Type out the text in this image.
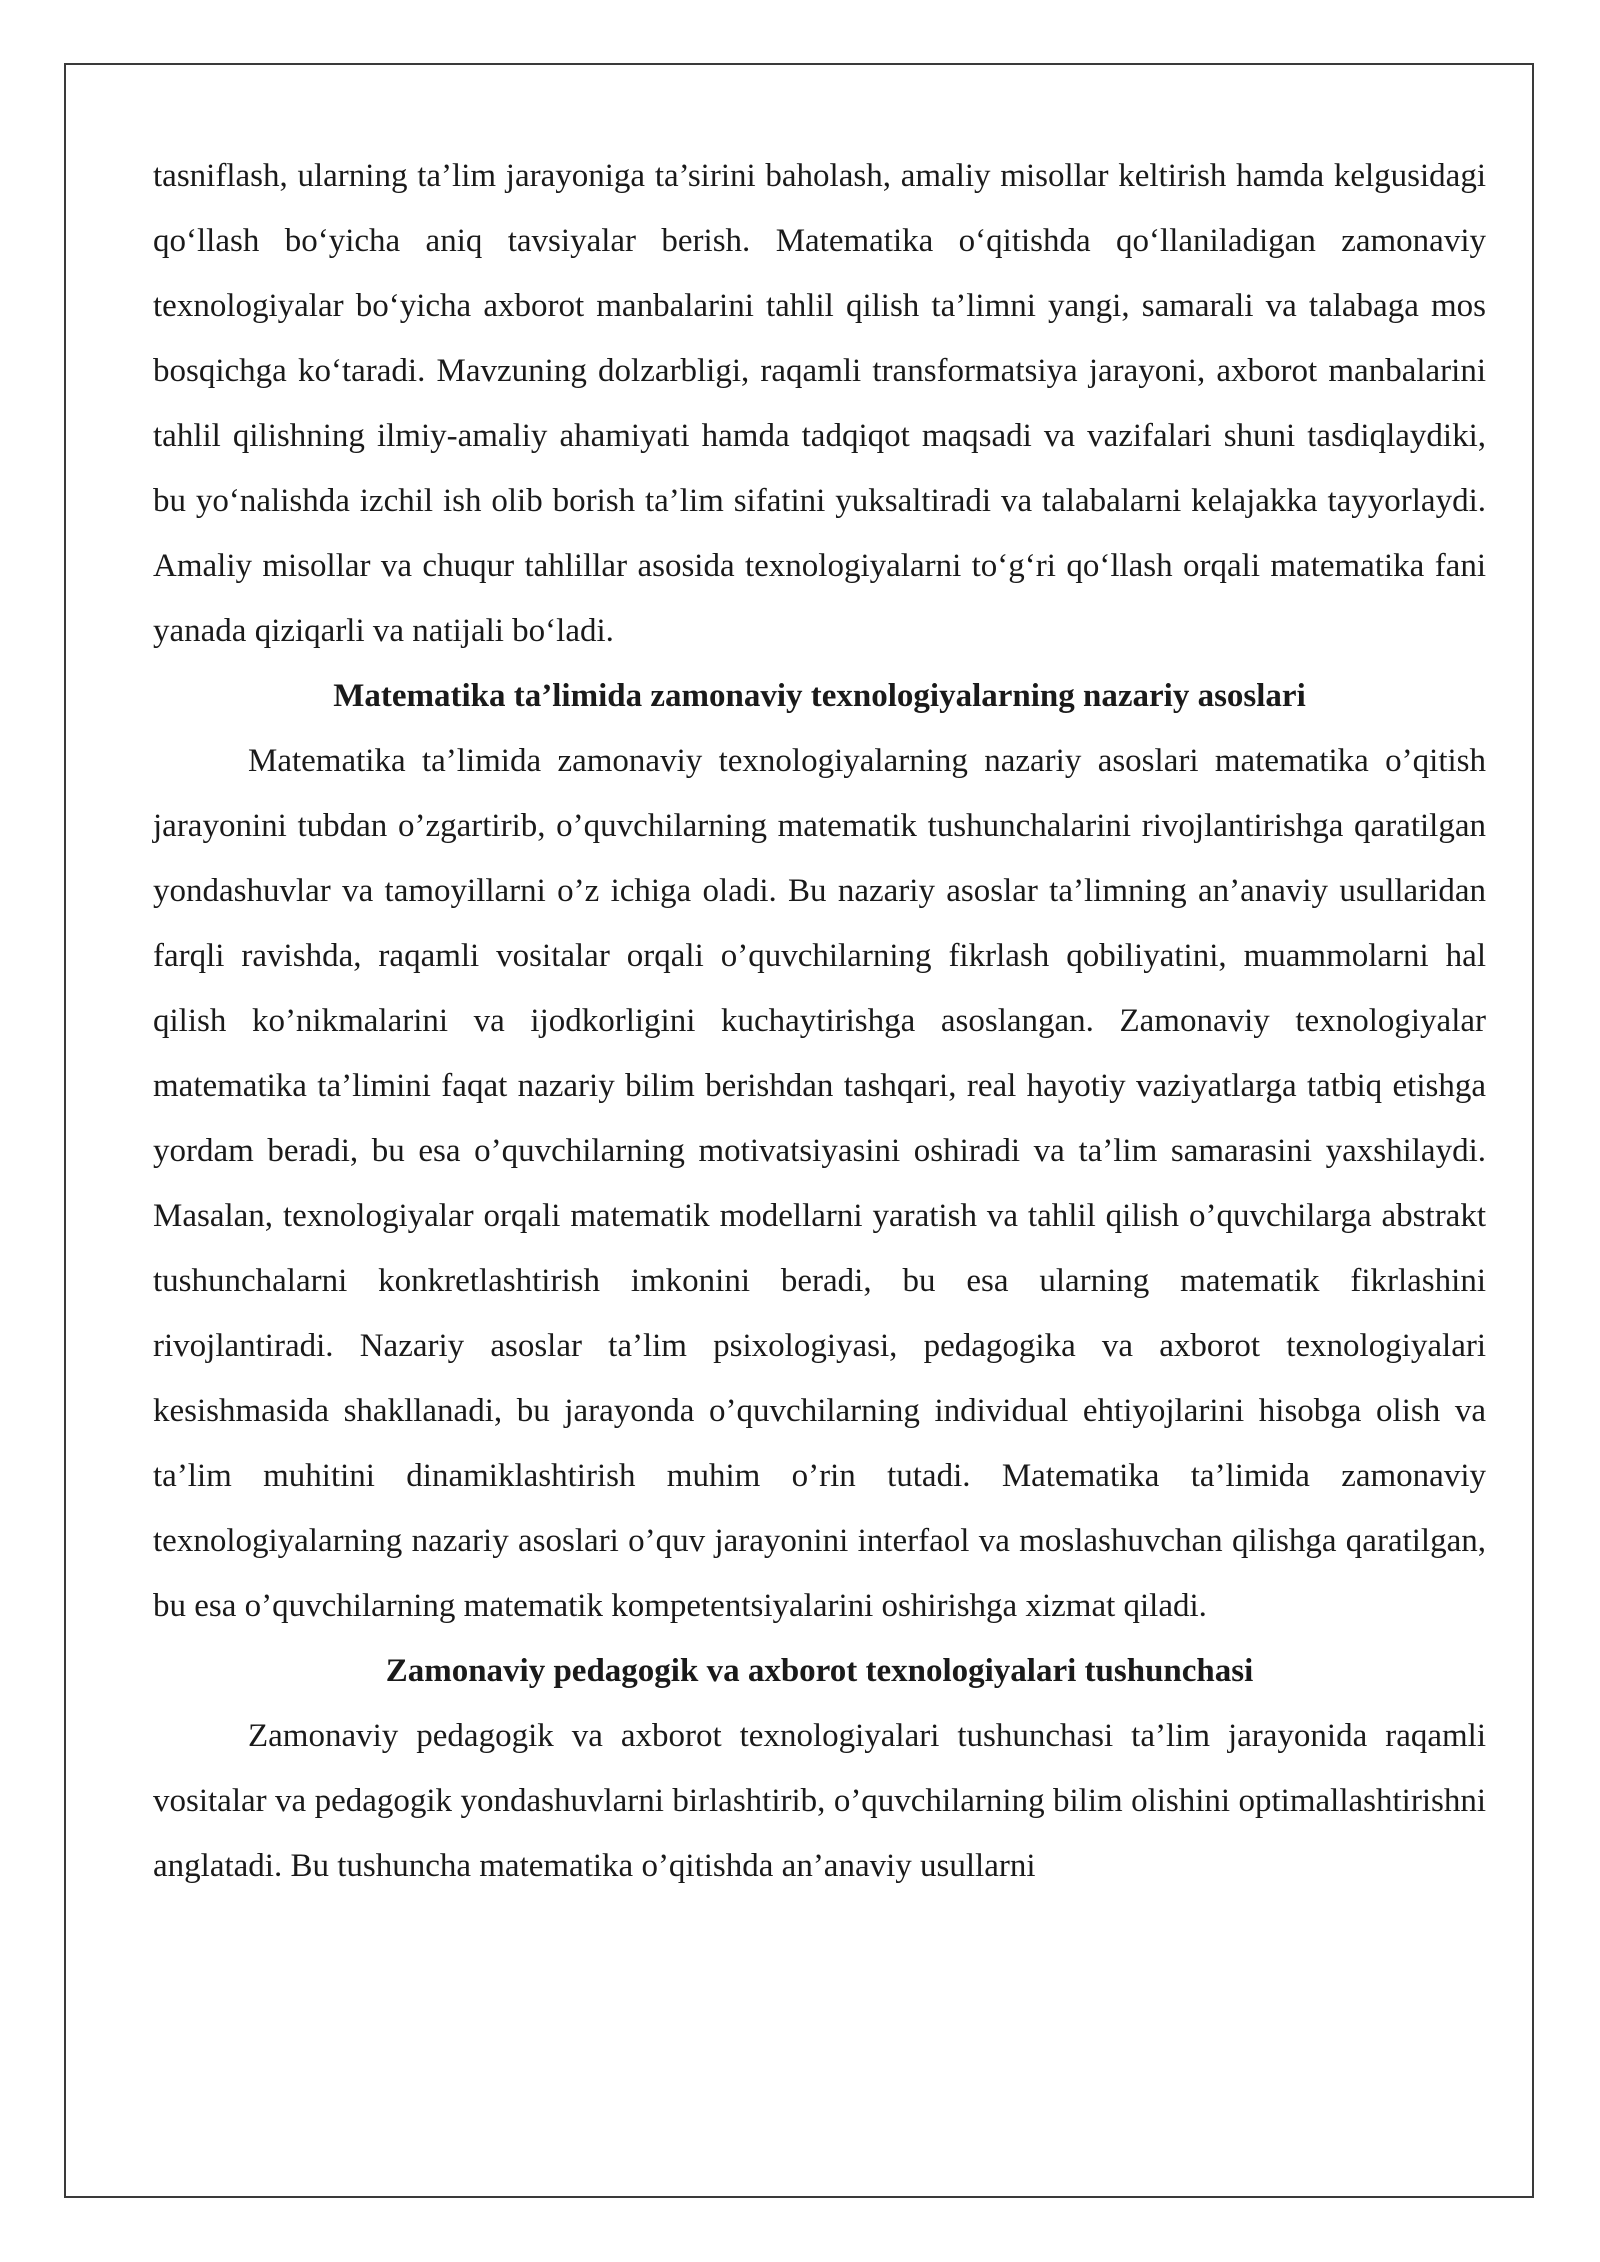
tasniflash, ularning ta’lim jarayoniga ta’sirini baholash, amaliy misollar keltirish hamda kelgusidagi qo‘llash bo‘yicha aniq tavsiyalar berish. Matematika o‘qitishda qo‘llaniladigan zamonaviy texnologiyalar bo‘yicha axborot manbalarini tahlil qilish ta’limni yangi, samarali va talabaga mos bosqichga ko‘taradi. Mavzuning dolzarbligi, raqamli transformatsiya jarayoni, axborot manbalarini tahlil qilishning ilmiy-amaliy ahamiyati hamda tadqiqot maqsadi va vazifalari shuni tasdiqlaydiki, bu yo‘nalishda izchil ish olib borish ta’lim sifatini yuksaltiradi va talabalarni kelajakka tayyorlaydi. Amaliy misollar va chuqur tahlillar asosida texnologiyalarni to‘g‘ri qo‘llash orqali matematika fani yanada qiziqarli va natijali bo‘ladi.

Matematika ta’limida zamonaviy texnologiyalarning nazariy asoslari

Matematika ta’limida zamonaviy texnologiyalarning nazariy asoslari matematika o’qitish jarayonini tubdan o’zgartirib, o’quvchilarning matematik tushunchalarini rivojlantirishga qaratilgan yondashuvlar va tamoyillarni o’z ichiga oladi. Bu nazariy asoslar ta’limning an’anaviy usullaridan farqli ravishda, raqamli vositalar orqali o’quvchilarning fikrlash qobiliyatini, muammolarni hal qilish ko’nikmalarini va ijodkorligini kuchaytirishga asoslangan. Zamonaviy texnologiyalar matematika ta’limini faqat nazariy bilim berishdan tashqari, real hayotiy vaziyatlarga tatbiq etishga yordam beradi, bu esa o’quvchilarning motivatsiyasini oshiradi va ta’lim samarasini yaxshilaydi. Masalan, texnologiyalar orqali matematik modellarni yaratish va tahlil qilish o’quvchilarga abstrakt tushunchalarni konkretlashtirish imkonini beradi, bu esa ularning matematik fikrlashini rivojlantiradi. Nazariy asoslar ta’lim psixologiyasi, pedagogika va axborot texnologiyalari kesishmasida shakllanadi, bu jarayonda o’quvchilarning individual ehtiyojlarini hisobga olish va ta’lim muhitini dinamiklashtirish muhim o’rin tutadi. Matematika ta’limida zamonaviy texnologiyalarning nazariy asoslari o’quv jarayonini interfaol va moslashuvchan qilishga qaratilgan, bu esa o’quvchilarning matematik kompetentsiyalarini oshirishga xizmat qiladi.

Zamonaviy pedagogik va axborot texnologiyalari tushunchasi

Zamonaviy pedagogik va axborot texnologiyalari tushunchasi ta’lim jarayonida raqamli vositalar va pedagogik yondashuvlarni birlashtirib, o’quvchilarning bilim olishini optimallashtirishni anglatadi. Bu tushuncha matematika o’qitishda an’anaviy usullarni
